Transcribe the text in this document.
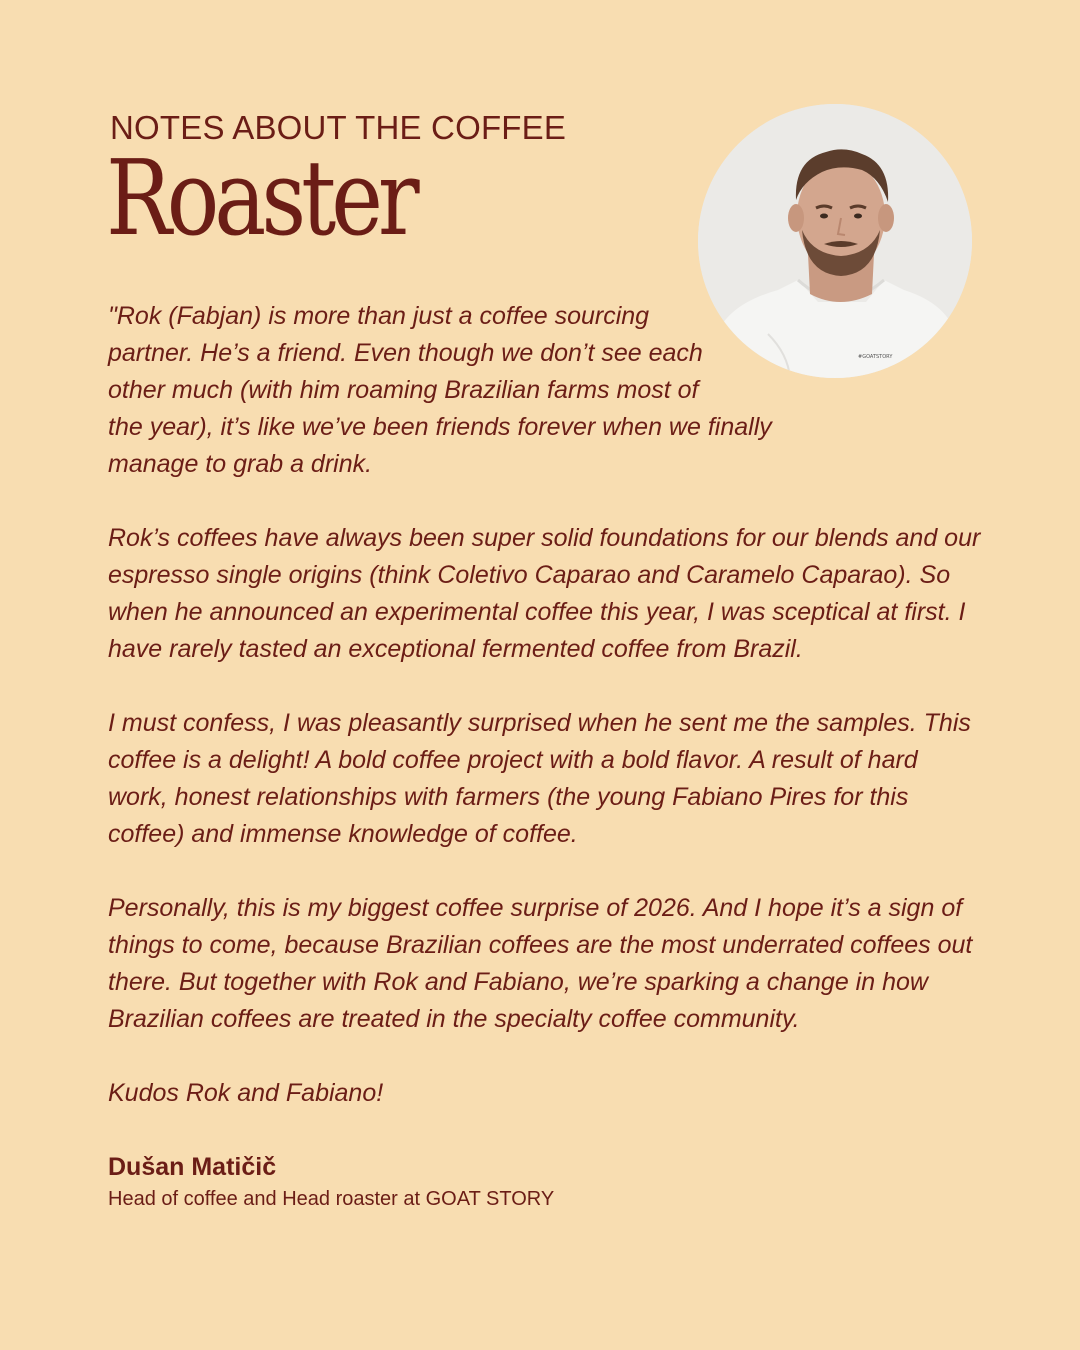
NOTES ABOUT THE COFFEE
Roaster
#GOATSTORY

"Rok (Fabjan) is more than just a coffee sourcing
partner. He’s a friend. Even though we don’t see each
other much (with him roaming Brazilian farms most of
the year), it’s like we’ve been friends forever when we finally
manage to grab a drink.

Rok’s coffees have always been super solid foundations for our blends and our
espresso single origins (think Coletivo Caparao and Caramelo Caparao). So
when he announced an experimental coffee this year, I was sceptical at first. I
have rarely tasted an exceptional fermented coffee from Brazil.

I must confess, I was pleasantly surprised when he sent me the samples. This
coffee is a delight! A bold coffee project with a bold flavor. A result of hard
work, honest relationships with farmers (the young Fabiano Pires for this
coffee) and immense knowledge of coffee.

Personally, this is my biggest coffee surprise of 2026. And I hope it’s a sign of
things to come, because Brazilian coffees are the most underrated coffees out
there. But together with Rok and Fabiano, we’re sparking a change in how
Brazilian coffees are treated in the specialty coffee community.

Kudos Rok and Fabiano!

Dušan Matičič
Head of coffee and Head roaster at GOAT STORY
